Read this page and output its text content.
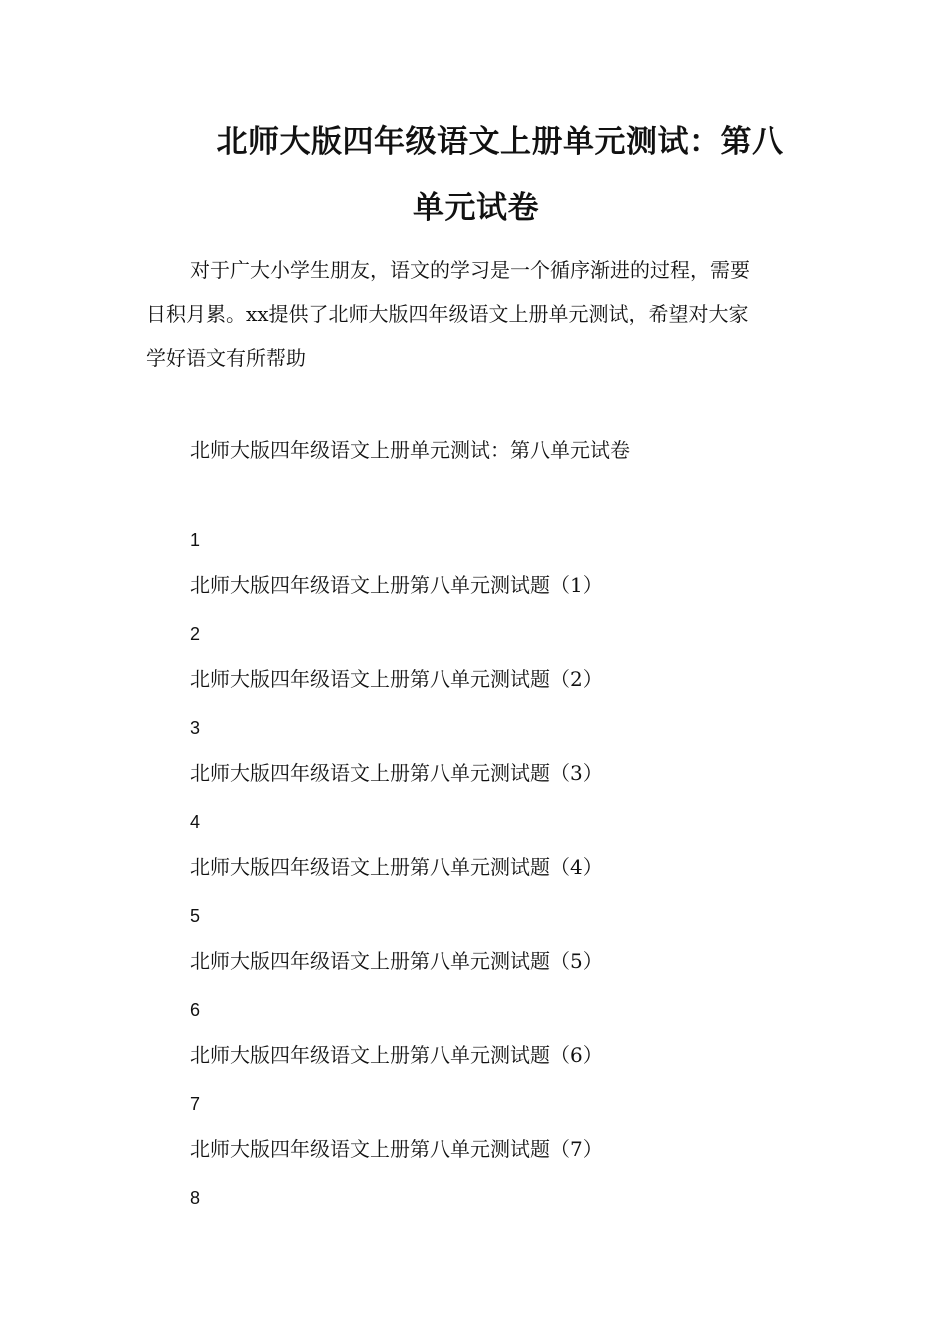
北师大版四年级语文上册单元测试：第八
单元试卷
对于广大小学生朋友，语文的学习是一个循序渐进的过程，需要
日积月累。xx提供了北师大版四年级语文上册单元测试，希望对大家
学好语文有所帮助
北师大版四年级语文上册单元测试：第八单元试卷
1
北师大版四年级语文上册第八单元测试题（1）
2
北师大版四年级语文上册第八单元测试题（2）
3
北师大版四年级语文上册第八单元测试题（3）
4
北师大版四年级语文上册第八单元测试题（4）
5
北师大版四年级语文上册第八单元测试题（5）
6
北师大版四年级语文上册第八单元测试题（6）
7
北师大版四年级语文上册第八单元测试题（7）
8
